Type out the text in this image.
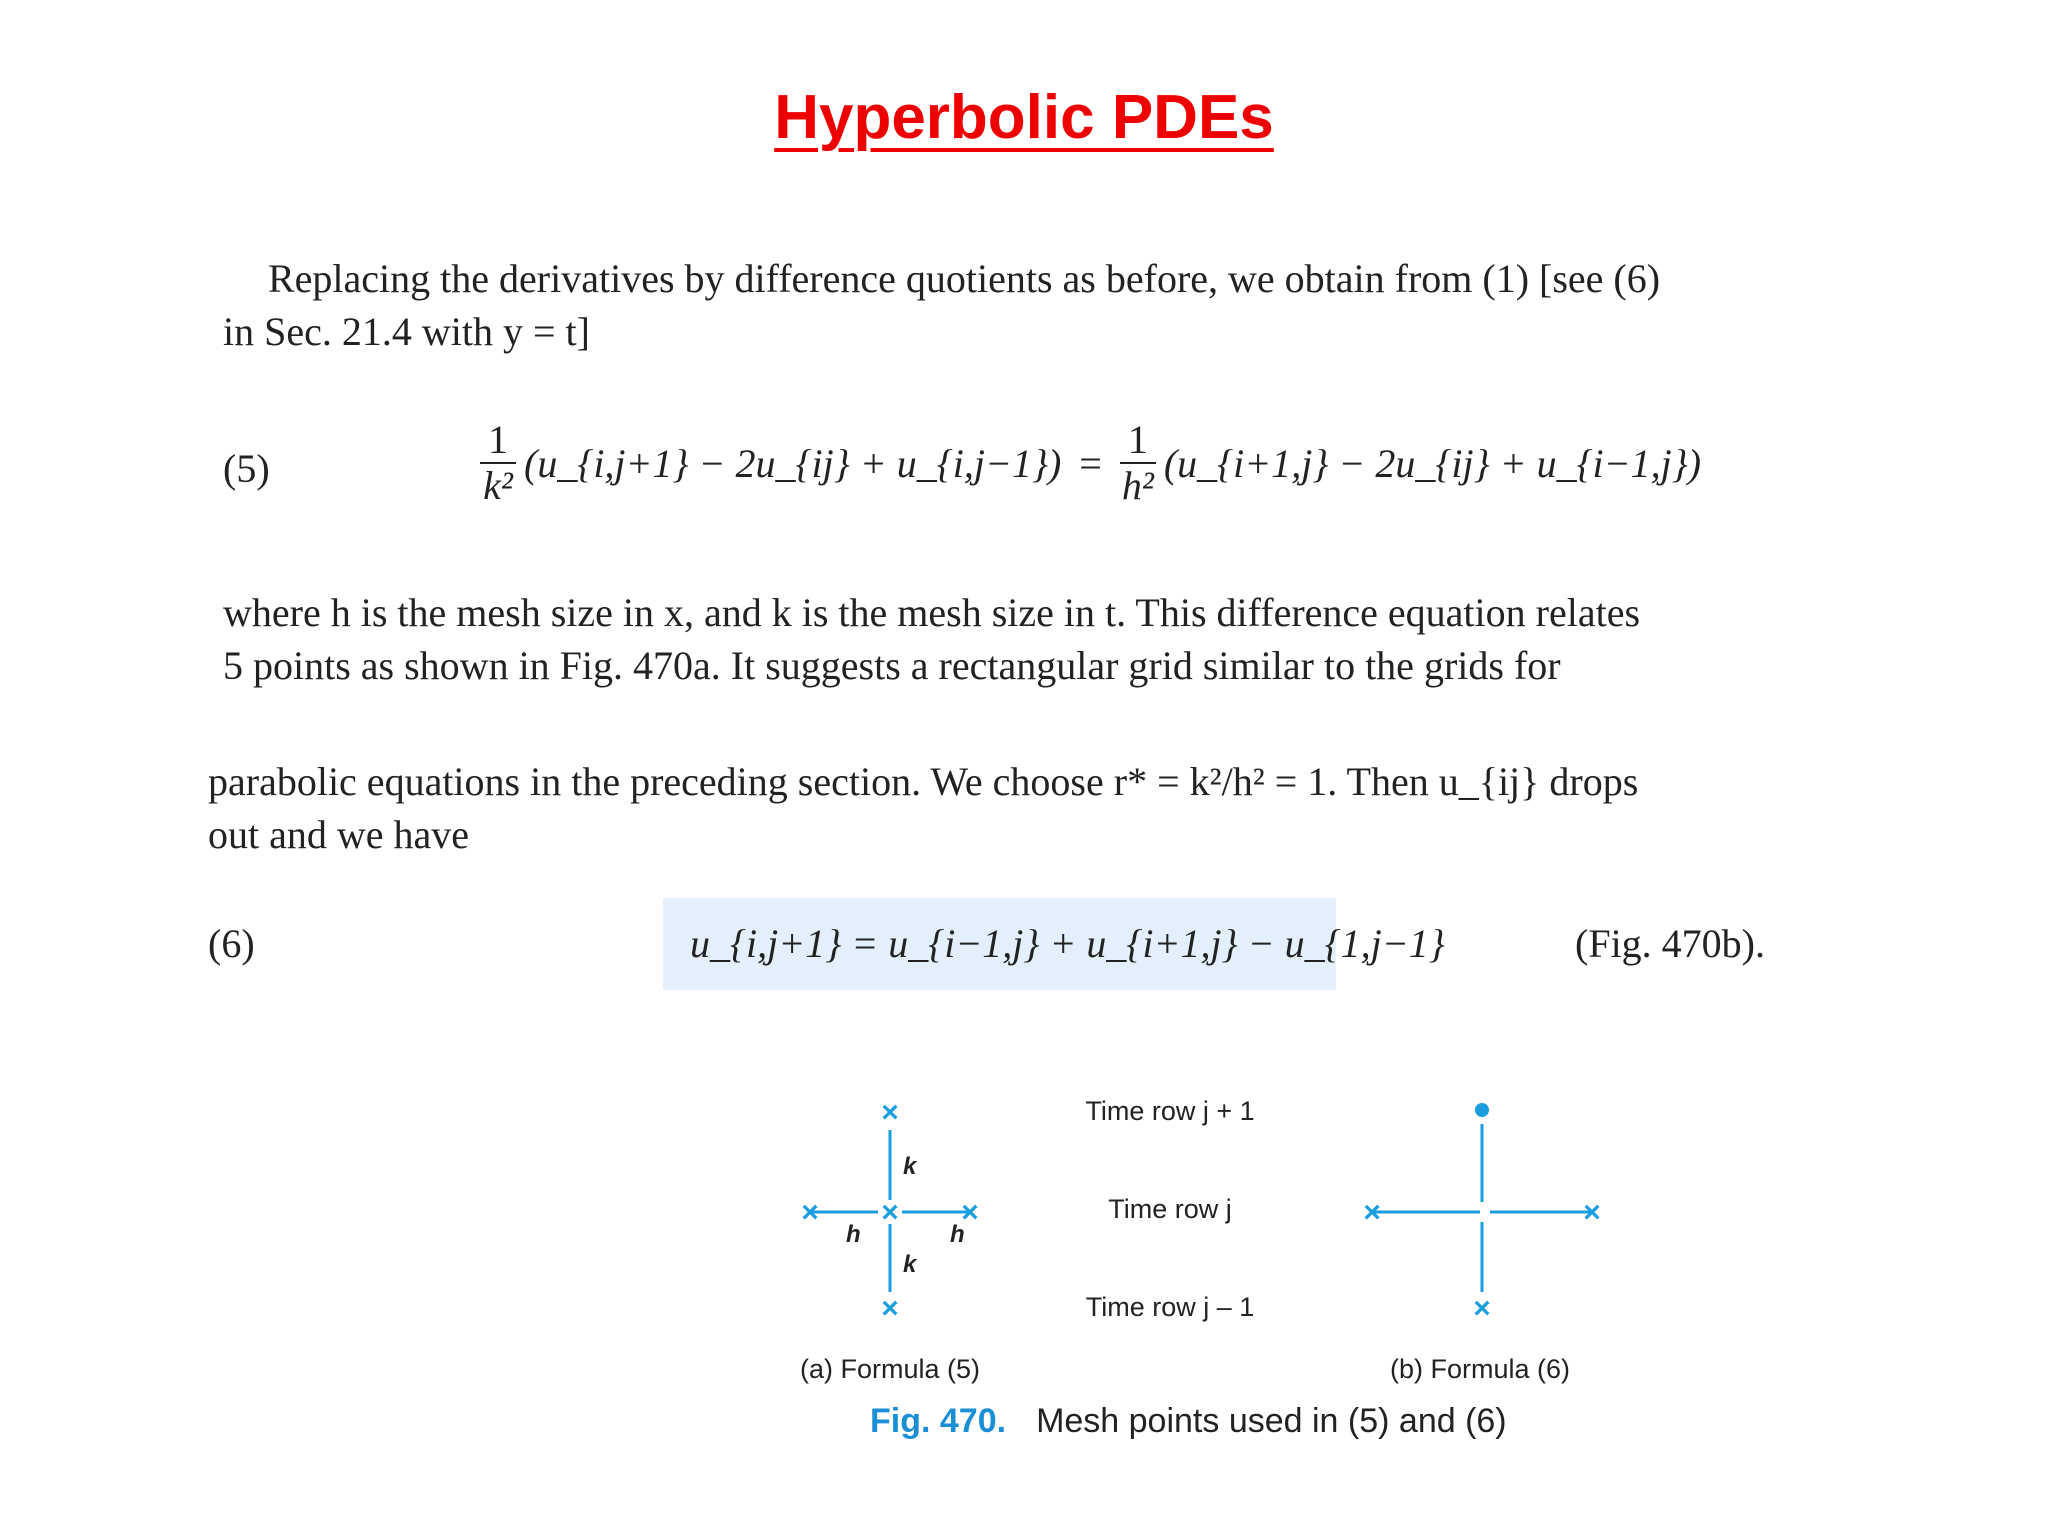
Hyperbolic PDEs
Replacing the derivatives by difference quotients as before, we obtain from (1) [see (6)
in Sec. 21.4 with y = t]
(5)	$\frac{1}{\text{k²}}$ (u_{i,j+1} − 2u_{ij} + u_{i,j−1}) = $\frac{1}{\text{h²}}$ (u_{i+1,j} − 2u_{ij} + u_{i−1,j})
where h is the mesh size in x, and k is the mesh size in t. This difference equation relates
5 points as shown in Fig. 470a. It suggests a rectangular grid similar to the grids for
parabolic equations in the preceding section. We choose r* = k²/h² = 1. Then u_{ij} drops
out and we have
(6)	u_{i,j+1} = u_{i−1,j} + u_{i+1,j} − u_{1,j−1}	(Fig. 470b).
×
× × ×
×
k
k
h	h
Time row j + 1
Time row j
Time row j – 1
×	×
×
(a) Formula (5)	(b) Formula (6)
Fig. 470. Mesh points used in (5) and (6)
